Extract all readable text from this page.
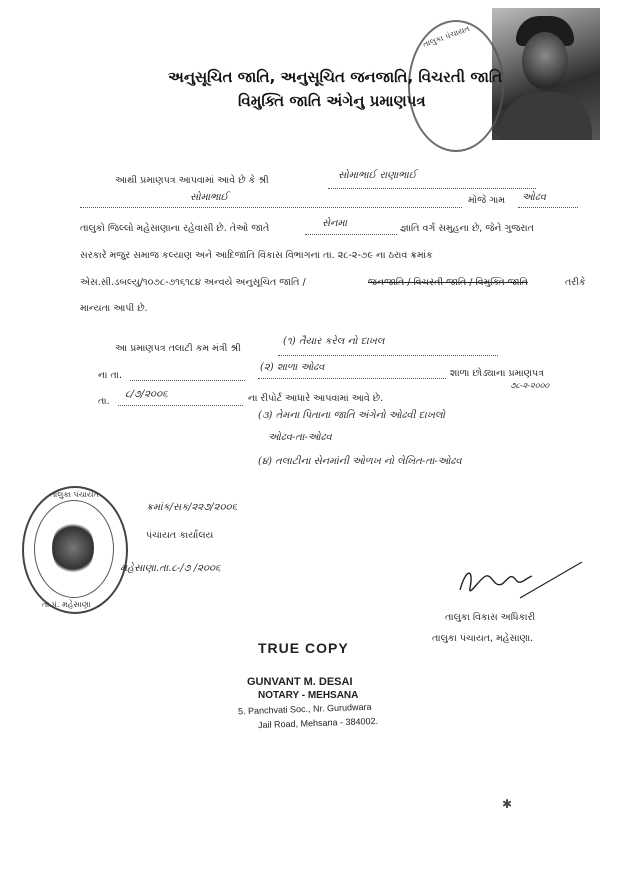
તાલુકા પંચાયત
અનુસૂચિત જાતિ, અનુસૂચિત જનજાતિ, વિચરતી જાતિ
વિમુક્તિ જાતિ અંગેનુ પ્રમાણપત્ર
આથી પ્રમાણપત્ર આપવામાં આવે છે કે શ્રી	સોમાભાઈ રાણાભાઈ
સોમાભાઈ	મોજે ગામ ઓઢવ
તાલુકો જિલ્લો મહેસાણાના રહેવાસી છે. તેઓ જાતે	સેનમા	જ્ઞાતિ વર્ગ સમુહના છે, જેને ગુજરાત
સરકારે મજુર સમાજ કલ્યાણ અને આદિજાતિ વિકાસ વિભાગના તા. ૨૮-૨-૭૯ ના ઠરાવ ક્રમાંક
એસ.સી.ડબલ્યુ/૧૦૭૮-૭૧૬૧૮૪ અન્વયે અનુસૂચિત જાતિ /	જનજાતિ / વિચરતી જાતિ / વિમુક્તિ જાતિ	તરીકે
માન્યતા આપી છે.
આ પ્રમાણપત્ર તલાટી કમ મંત્રી શ્રી
(૧) તૈયાર કરેલ નો દાખલ
ના તા.
(૨) શાળા ઓઢવ
શાળા છોડ્યાના પ્રમાણપત્ર
૭૮-૨-૨૦૦૦
તા.
૮/૭/૨૦૦૬	ના રીપોર્ટ આધારે આપવામાં આવે છે.
(૩) તેમના પિતાના જાતિ અંગેનો ઓઢવી દાખલો
ઓઢવ-તા-ઓઢવ
(૪) તલાટીના સેનમાંની ઓળખ નો લેખિત-તા-ઓઢવ
તાલુકા પંચાયત
તા.પં. મહેસાણા
ક્રમાંક/સક/૨૨૭/૨૦૦૬
પંચાયત કાર્યાલય
મહેસાણા.તા.૮-/૭ /૨૦૦૬
તાલુકા વિકાસ અધિકારી
તાલુકા પંચાયત, મહેસાણા.
TRUE COPY
GUNVANT M. DESAI
NOTARY - MEHSANA
5. Panchvati Soc., Nr. Gurudwara
Jail Road, Mehsana - 384002.
✱
